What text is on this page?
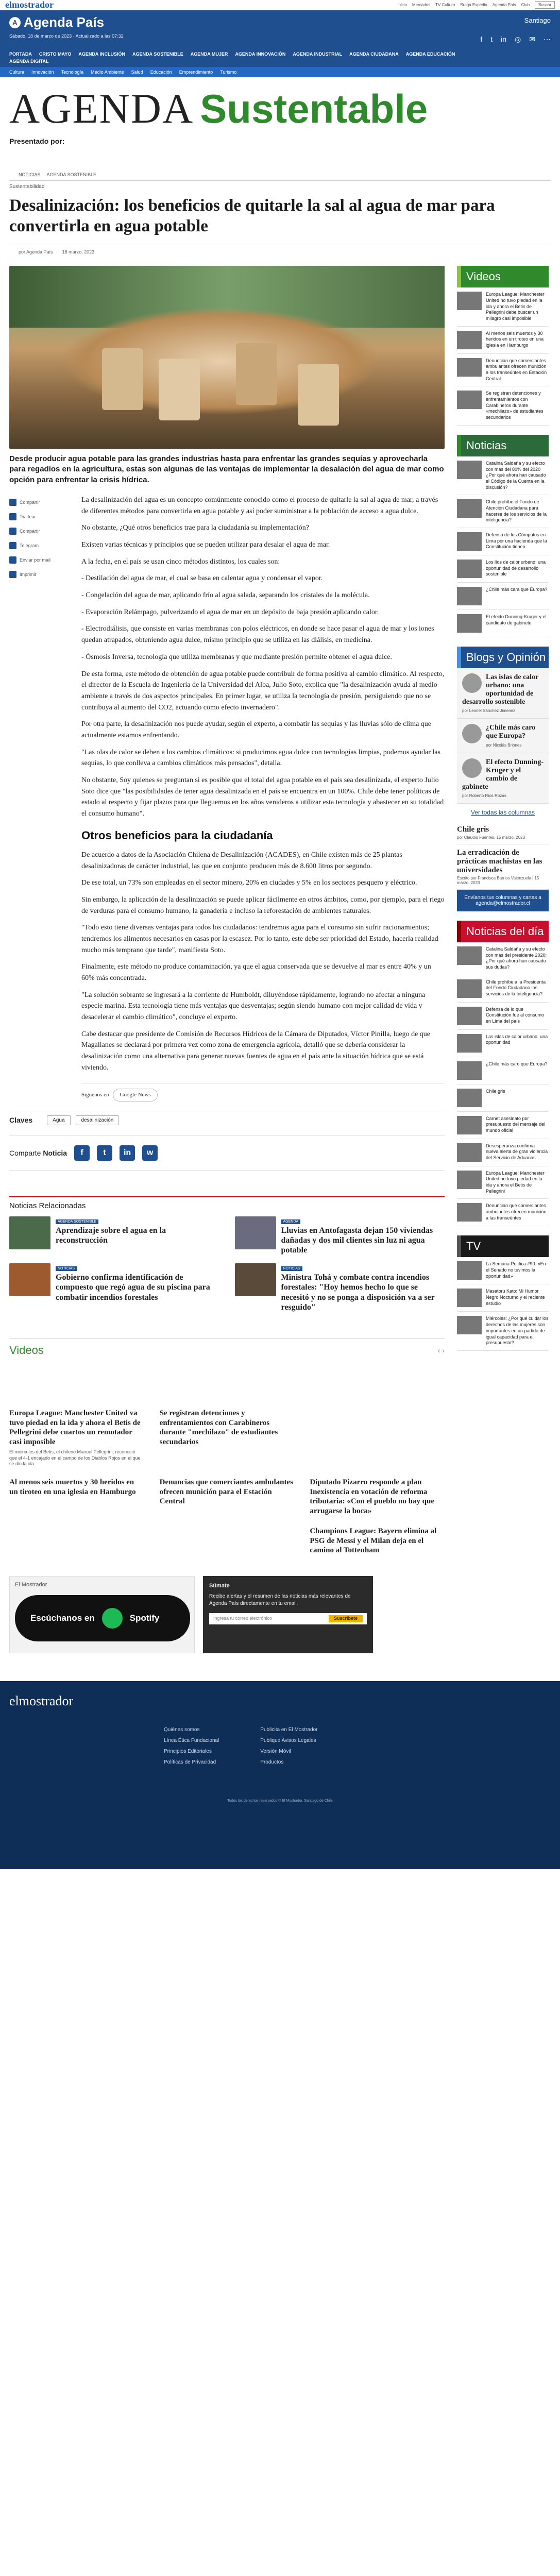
elmostrador	Inicio Mercados TV Cultura Braga Expedia Agenda País Club	Buscar
A Agenda País
Sábado, 18 de marzo de 2023 · Actualizado a las 07:32
Santiago
f t in ◎ ✉ ⋯
PORTADA CRISTO MAYO AGENDA INCLUSIÓN AGENDA SOSTENIBLE AGENDA MUJER AGENDA INNOVACIÓN AGENDA INDUSTRIAL AGENDA CIUDADANA AGENDA EDUCACIÓN
AGENDA DIGITAL
Cultura Innovación Tecnología Medio Ambiente Salud Educación Emprendimiento Turismo
AGENDA Sustentable
Presentado por:
NOTICIAS AGENDA SOSTENIBLE
Sustentabilidad
Desalinización: los beneficios de quitarle la sal al agua de mar para convertirla en agua potable
por Agenda País 18 marzo, 2023

Desde producir agua potable para las grandes industrias hasta para enfrentar las grandes sequías y aprovecharla para regadíos en la agricultura, estas son algunas de las ventajas de implementar la desalación del agua de mar como opción para enfrentar la crisis hídrica.

Compartir
Twittear
Compartir
Telegram
Enviar por mail
Imprimir

La desalinización del agua es un concepto comúnmente conocido como el proceso de quitarle la sal al agua de mar, a través de diferentes métodos para convertirla en agua potable y así poder suministrar a la población de acceso a agua dulce.

No obstante, ¿Qué otros beneficios trae para la ciudadanía su implementación?

Existen varias técnicas y principios que se pueden utilizar para desalar el agua de mar.

A la fecha, en el país se usan cinco métodos distintos, los cuales son:

- Destilación del agua de mar, el cual se basa en calentar agua y condensar el vapor.

- Congelación del agua de mar, aplicando frío al agua salada, separando los cristales de la molécula.

- Evaporación Relámpago, pulverizando el agua de mar en un depósito de baja presión aplicando calor.

- Electrodiálisis, que consiste en varias membranas con polos eléctricos, en donde se hace pasar el agua de mar y los iones quedan atrapados, obteniendo agua dulce, mismo principio que se utiliza en las diálisis, en medicina.

- Ósmosis Inversa, tecnología que utiliza membranas y que mediante presión permite obtener el agua dulce.

De esta forma, este método de obtención de agua potable puede contribuir de forma positiva al cambio climático. Al respecto, el director de la Escuela de Ingeniería de la Universidad del Alba, Julio Soto, explica que "la desalinización ayuda al medio ambiente a través de dos aspectos principales. En primer lugar, se utiliza la tecnología de presión, persiguiendo que no se contribuya al aumento del CO2, actuando como efecto invernadero".

Por otra parte, la desalinización nos puede ayudar, según el experto, a combatir las sequías y las lluvias sólo de clima que actualmente estamos enfrentando.

"Las olas de calor se deben a los cambios climáticos: si producimos agua dulce con tecnologías limpias, podemos ayudar las sequías, lo que conlleva a cambios climáticos más pensados", detalla.

No obstante, Soy quienes se preguntan si es posible que el total del agua potable en el país sea desalinizada, el experto Julio Soto dice que "las posibilidades de tener agua desalinizada en el país se encuentra en un 100%. Chile debe tener políticas de estado al respecto y fijar plazos para que lleguemos en los años venideros a utilizar esta tecnología y abastecer en su totalidad el consumo humano".

Otros beneficios para la ciudadanía

De acuerdo a datos de la Asociación Chilena de Desalinización (ACADES), en Chile existen más de 25 plantas desalinizadoras de carácter industrial, las que en conjunto producen más de 8.600 litros por segundo.

De ese total, un 73% son empleadas en el sector minero, 20% en ciudades y 5% en los sectores pesquero y eléctrico.

Sin embargo, la aplicación de la desalinización se puede aplicar fácilmente en otros ámbitos, como, por ejemplo, para el riego de verduras para el consumo humano, la ganadería e incluso la reforestación de ambientes naturales.

"Todo esto tiene diversas ventajas para todos los ciudadanos: tendremos agua para el consumo sin sufrir racionamientos; tendremos los alimentos necesarios en casas por la escasez. Por lo tanto, este debe ser prioridad del Estado, hacerla realidad mucho más temprano que tarde", manifiesta Soto.

Finalmente, este método no produce contaminación, ya que el agua conservada que se devuelve al mar es entre 40% y un 60% más concentrada.

"La solución sobrante se ingresará a la corriente de Humboldt, diluyéndose rápidamente, logrando no afectar a ninguna especie marina. Esta tecnología tiene más ventajas que desventajas; según siendo humano con mejor calidad de vida y desacelerar el cambio climático", concluye el experto.

Cabe destacar que presidente de Comisión de Recursos Hídricos de la Cámara de Diputados, Víctor Pinilla, luego de que Magallanes se declarará por primera vez como zona de emergencia agrícola, detalló que se debería considerar la desalinización como una alternativa para generar nuevas fuentes de agua en el país ante la situación hídrica que se está viviendo.

Síguenos en	Google News
Claves	Agua	desalinización
Comparte Noticia	f	t	in	w
Noticias Relacionadas
AGENDA SOSTENIBLE
Aprendizaje sobre el agua en la reconstrucción
AGENDA
Lluvias en Antofagasta dejan 150 viviendas dañadas y dos mil clientes sin luz ni agua potable
NOTICIAS
Gobierno confirma identificación de compuesto que regó agua de su piscina para combatir incendios forestales
NOTICIAS
Ministra Tohá y combate contra incendios forestales: "Hoy hemos hecho lo que se necesitó y no se ponga a disposición va a ser resguido"
Videos	‹ ›
Europa League: Manchester United va tuvo piedad en la ida y ahora el Betis de Pellegrini debe cuartos un remotador casi imposible
El miércoles del Betis, el chileno Manuel Pellegrini, reconoció que el 4-1 encajado en el campo de los Diablos Rojos en el que se dio la ida.
Se registran detenciones y enfrentamientos con Carabineros durante "mechilazo" de estudiantes secundarios
Al menos seis muertos y 30 heridos en un tiroteo en una iglesia en Hamburgo
Denuncias que comerciantes ambulantes ofrecen munición para el Estación Central
Diputado Pizarro responde a plan Inexistencia en votación de reforma tributaria: «Con el pueblo no hay que arrugarse la boca»
Champions League: Bayern elimina al PSG de Messi y el Milan deja en el camino al Tottenham
El Mostrador
Escúchanos en	Spotify
Súmate
Recibe alertas y el resumen de las noticias más relevantes de Agenda País directamente en tu email.
Ingresa tu correo electrónico	Suscríbete
Videos
Europa League: Manchester United no tuvo piedad en la ida y ahora el Betis de Pellegrini debe buscar un milagro casi imposible
Al menos seis muertos y 30 heridos en un tiroteo en una iglesia en Hamburgo
Denuncian que comerciantes ambulantes ofrecen munición a los transeúntes en Estación Central
Se registran detenciones y enfrentamientos con Carabineros durante «mechilazo» de estudiantes secundarios
Noticias
Catalina Saldaña y su efecto con más del 80% del 2020 ¿Por qué ahora han causado el Código de la Cuenta en la discusión?
Chile prohíbe el Fondo de Atención Ciudadana para hacerse de los servicios de la inteligencia?
Defensa de los Cómputos en Lima por una hacienda que la Constitución tienen
Los líos de calor urbano: una oportunidad de desarrollo sostenible
¿Chile más cara que Europa?
El efecto Dunning-Kruger y el candidato de gabinete
Blogs y Opinión
Las islas de calor urbano: una oportunidad de desarrollo sostenible
por Leonel Sánchez Jimenez
¿Chile más caro que Europa?
por Nicolás Briones
El efecto Dunning-Kruger y el cambio de gabinete
por Roberto Ríos Rozas
Ver todas las columnas
Chile gris
por Claudio Fuentes, 15 marzo, 2023
La erradicación de prácticas machistas en las universidades
Escrito por Francisca Barrios Valenzuela | 15 marzo, 2023
Envíanos tus columnas y cartas a agenda@elmostrador.cl
Noticias del día
Catalina Saldaña y su efecto con más del presidente 2020: ¿Por qué ahora han causado sus dudas?
Chile prohíbe a la Presidenta del Fondo Ciudadano los servicios de la Inteligencia?
Defensa de lo que Constitución fue al consumo en Lima del país
Las islas de calor urbano: una oportunidad
¿Chile más caro que Europa?
Chile gris
Carnet asesinato por presupuesto del mensaje del mundo oficial
Desesperanza confirma nueva alerta de gran violencia del Servicio de Aduanas
Europa League: Manchester United no tuvo piedad en la ida y ahora el Betis de Pellegrini
Denuncian que comerciantes ambulantes ofrecen munición a las transeúntes
TV
La Semana Política #90: «En el Senado no tuvimos la oportunidad»
Masatoru Kato: Mi Humor Negro Nocturno y el reciente estudio
Miércoles: ¿Por qué cuidar los derechos de las mujeres son importantes en un partido de igual capacidad para el presupuesto?
elmostrador
Quiénes somos
Línea Ética Fundacional
Principios Editoriales
Políticas de Privacidad
Publicita en El Mostrador
Publique Avisos Legales
Versión Móvil
Productos
Todos los derechos reservados © El Mostrador. Santiago de Chile
